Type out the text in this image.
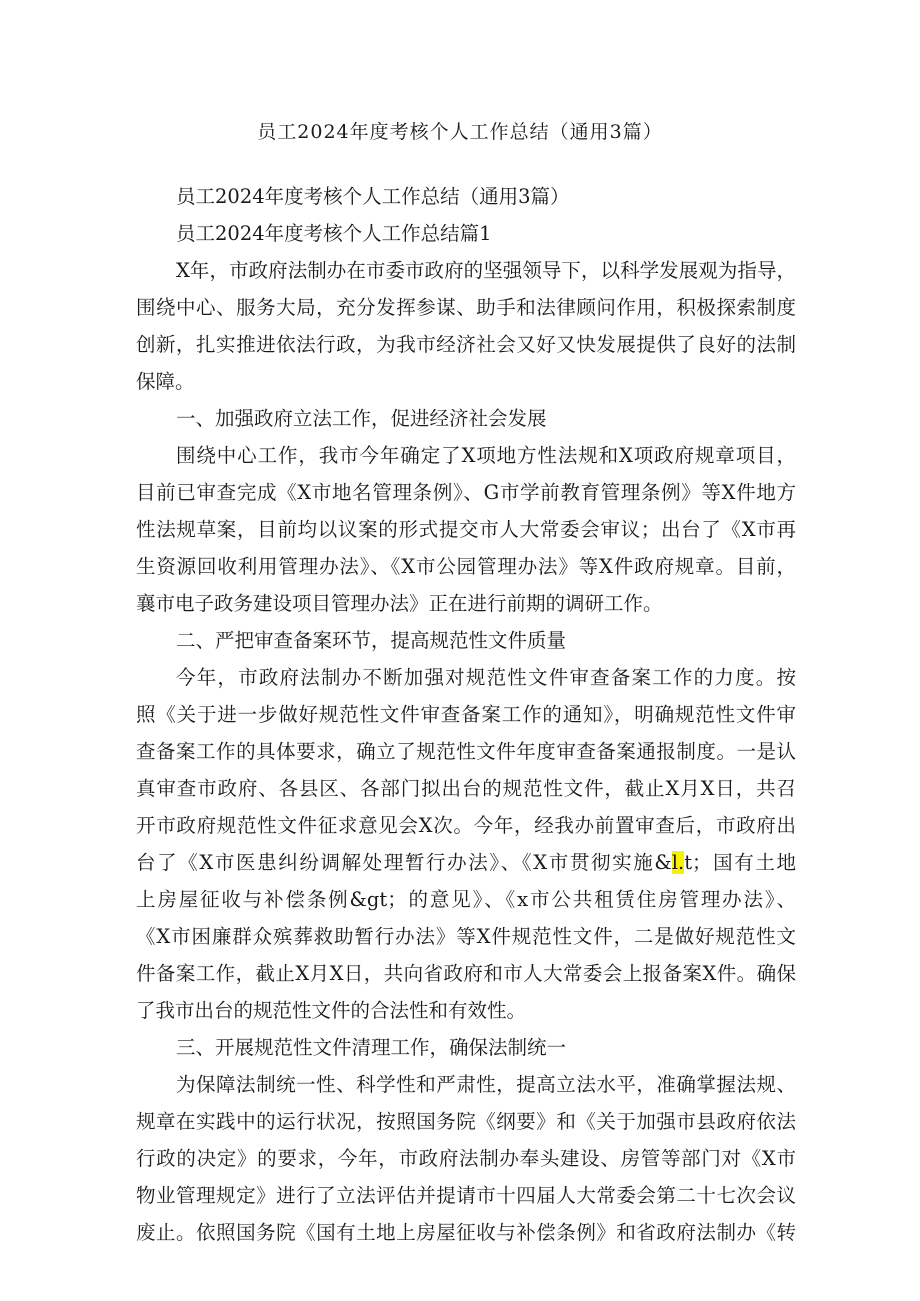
员工2024年度考核个人工作总结（通用3篇）
员工2024年度考核个人工作总结（通用3篇）
员工2024年度考核个人工作总结篇1
X年，市政府法制办在市委市政府的坚强领导下，以科学发展观为指导，
围绕中心、服务大局，充分发挥参谋、助手和法律顾问作用，积极探索制度
创新，扎实推进依法行政，为我市经济社会又好又快发展提供了良好的法制
保障。
一、加强政府立法工作，促进经济社会发展
围绕中心工作，我市今年确定了X项地方性法规和X项政府规章项目，
目前已审查完成《X市地名管理条例》、G市学前教育管理条例》等X件地方
性法规草案，目前均以议案的形式提交市人大常委会审议；出台了《X市再
生资源回收利用管理办法》、《X市公园管理办法》等X件政府规章。目前，
襄市电子政务建设项目管理办法》正在进行前期的调研工作。
二、严把审查备案环节，提高规范性文件质量
今年，市政府法制办不断加强对规范性文件审查备案工作的力度。按
照《关于进一步做好规范性文件审查备案工作的通知》，明确规范性文件审
查备案工作的具体要求，确立了规范性文件年度审查备案通报制度。一是认
真审查市政府、各县区、各部门拟出台的规范性文件，截止X月X日，共召
开市政府规范性文件征求意见会X次。今年，经我办前置审查后，市政府出
台了《X市医患纠纷调解处理暂行办法》、《X市贯彻实施&l.t；国有土地
上房屋征收与补偿条例&gt；的意见》、《x市公共租赁住房管理办法》、
《X市困廉群众殡葬救助暂行办法》等X件规范性文件，二是做好规范性文
件备案工作，截止X月X日，共向省政府和市人大常委会上报备案X件。确保
了我市出台的规范性文件的合法性和有效性。
三、开展规范性文件清理工作，确保法制统一
为保障法制统一性、科学性和严肃性，提高立法水平，准确掌握法规、
规章在实践中的运行状况，按照国务院《纲要》和《关于加强市县政府依法
行政的决定》的要求，今年，市政府法制办奉头建设、房管等部门对《X市
物业管理规定》进行了立法评估并提请市十四届人大常委会第二十七次会议
废止。依照国务院《国有土地上房屋征收与补偿条例》和省政府法制办《转
